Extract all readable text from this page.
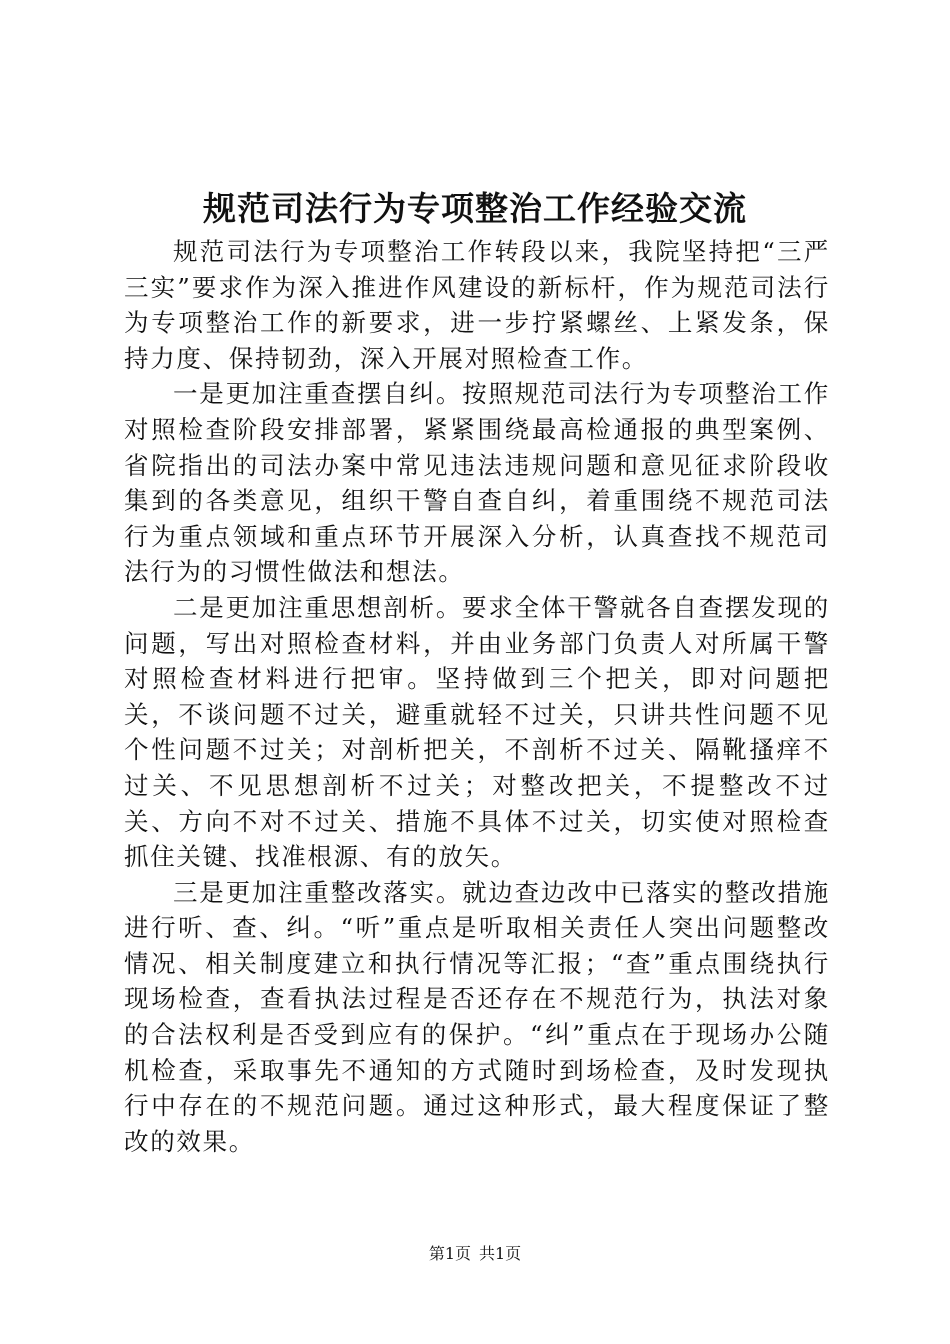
规范司法行为专项整治工作经验交流

规范司法行为专项整治工作转段以来，我院坚持把“三严三实”要求作为深入推进作风建设的新标杆，作为规范司法行为专项整治工作的新要求，进一步拧紧螺丝、上紧发条，保持力度、保持韧劲，深入开展对照检查工作。

一是更加注重查摆自纠。按照规范司法行为专项整治工作对照检查阶段安排部署，紧紧围绕最高检通报的典型案例、省院指出的司法办案中常见违法违规问题和意见征求阶段收集到的各类意见，组织干警自查自纠，着重围绕不规范司法行为重点领域和重点环节开展深入分析，认真查找不规范司法行为的习惯性做法和想法。

二是更加注重思想剖析。要求全体干警就各自查摆发现的问题，写出对照检查材料，并由业务部门负责人对所属干警对照检查材料进行把审。坚持做到三个把关，即对问题把关，不谈问题不过关，避重就轻不过关，只讲共性问题不见个性问题不过关；对剖析把关，不剖析不过关、隔靴搔痒不过关、不见思想剖析不过关；对整改把关，不提整改不过关、方向不对不过关、措施不具体不过关，切实使对照检查抓住关键、找准根源、有的放矢。

三是更加注重整改落实。就边查边改中已落实的整改措施进行听、查、纠。“听”重点是听取相关责任人突出问题整改情况、相关制度建立和执行情况等汇报；“查”重点围绕执行现场检查，查看执法过程是否还存在不规范行为，执法对象的合法权利是否受到应有的保护。“纠”重点在于现场办公随机检查，采取事先不通知的方式随时到场检查，及时发现执行中存在的不规范问题。通过这种形式，最大程度保证了整改的效果。

第1页 共1页
